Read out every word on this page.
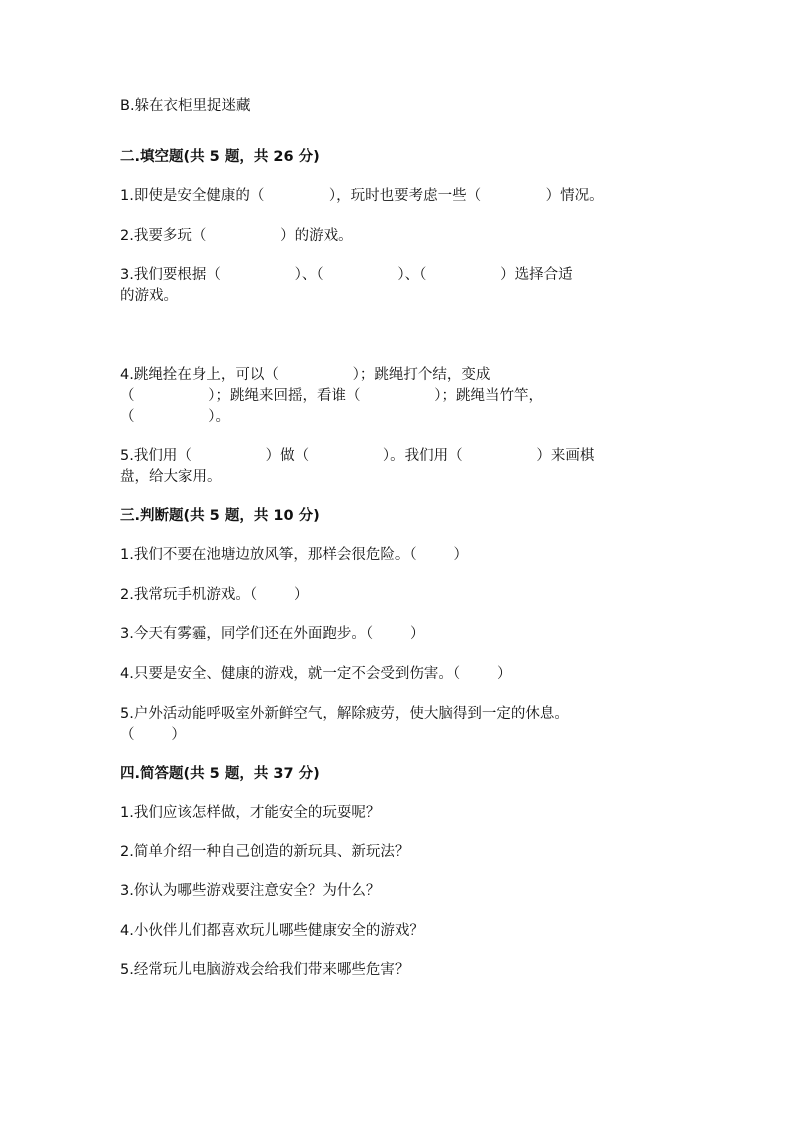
B.躲在衣柜里捉迷藏

二.填空题(共 5 题，共 26 分)

1.即使是安全健康的（              ），玩时也要考虑一些（              ）情况。

2.我要多玩（                ）的游戏。

3.我们要根据（                ）、（                ）、（                ）选择合适

的游戏。

4.跳绳拴在身上，可以（                ）；跳绳打个结，变成

（                ）；跳绳来回摇，看谁（                ）；跳绳当竹竿，

（                ）。

5.我们用（                ）做（                ）。我们用（                ）来画棋

盘，给大家用。

三.判断题(共 5 题，共 10 分)

1.我们不要在池塘边放风筝，那样会很危险。（        ）

2.我常玩手机游戏。（        ）

3.今天有雾霾，同学们还在外面跑步。（        ）

4.只要是安全、健康的游戏，就一定不会受到伤害。（        ）

5.户外活动能呼吸室外新鲜空气，解除疲劳，使大脑得到一定的休息。

（        ）

四.简答题(共 5 题，共 37 分)

1.我们应该怎样做，才能安全的玩耍呢？

2.简单介绍一种自己创造的新玩具、新玩法？

3.你认为哪些游戏要注意安全？为什么？

4.小伙伴儿们都喜欢玩儿哪些健康安全的游戏？

5.经常玩儿电脑游戏会给我们带来哪些危害？
